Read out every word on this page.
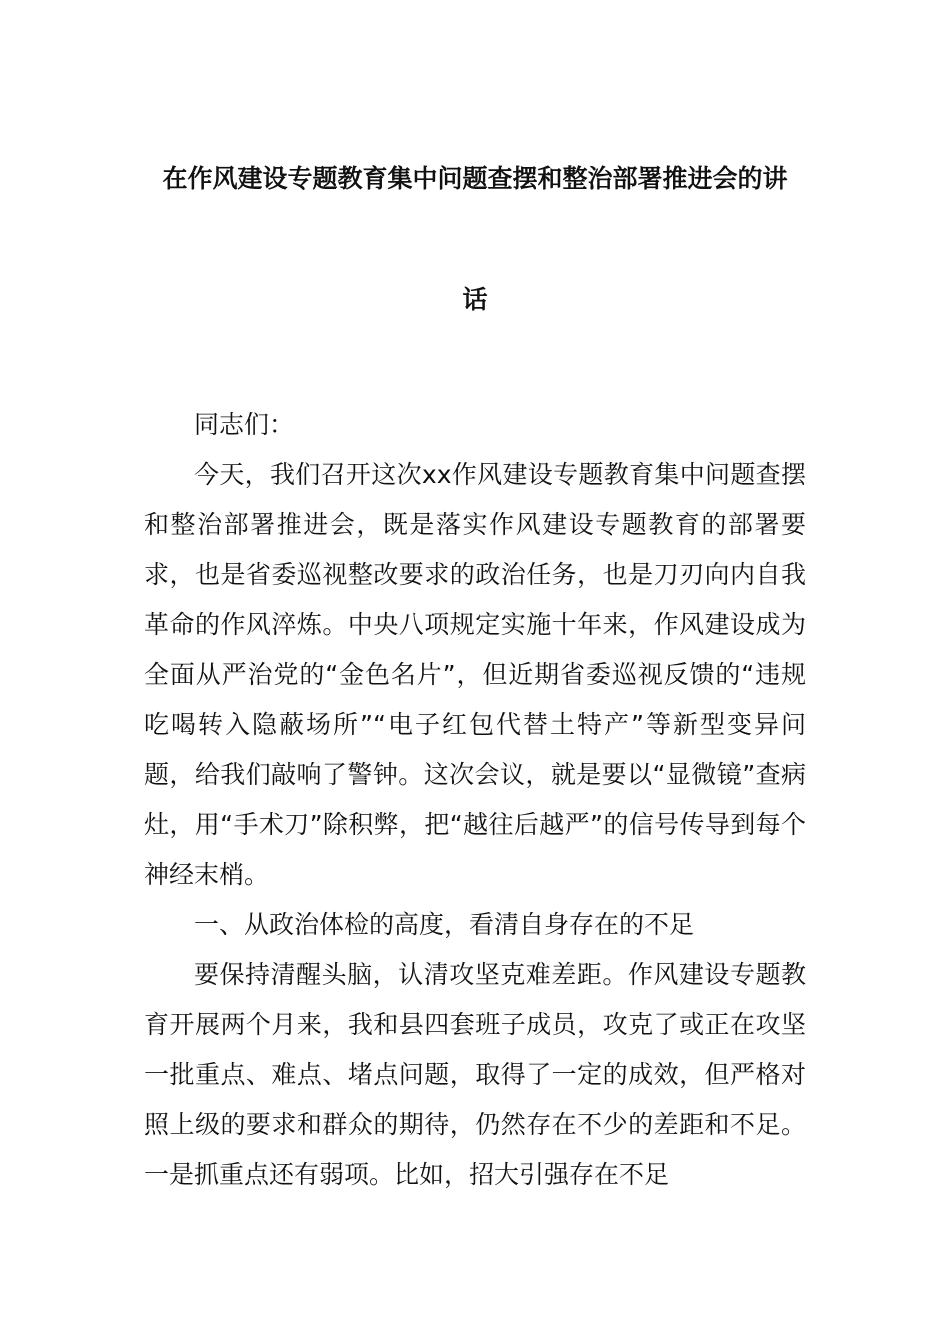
在作风建设专题教育集中问题查摆和整治部署推进会的讲
话

同志们：

今天，我们召开这次xx作风建设专题教育集中问题查摆和整治部署推进会，既是落实作风建设专题教育的部署要求，也是省委巡视整改要求的政治任务，也是刀刃向内自我革命的作风淬炼。中央八项规定实施十年来，作风建设成为全面从严治党的“金色名片”，但近期省委巡视反馈的“违规吃喝转入隐蔽场所”“电子红包代替土特产”等新型变异问题，给我们敲响了警钟。这次会议，就是要以“显微镜”查病灶，用“手术刀”除积弊，把“越往后越严”的信号传导到每个神经末梢。

一、从政治体检的高度，看清自身存在的不足

要保持清醒头脑，认清攻坚克难差距。作风建设专题教育开展两个月来，我和县四套班子成员，攻克了或正在攻坚一批重点、难点、堵点问题，取得了一定的成效，但严格对照上级的要求和群众的期待，仍然存在不少的差距和不足。一是抓重点还有弱项。比如，招大引强存在不足
